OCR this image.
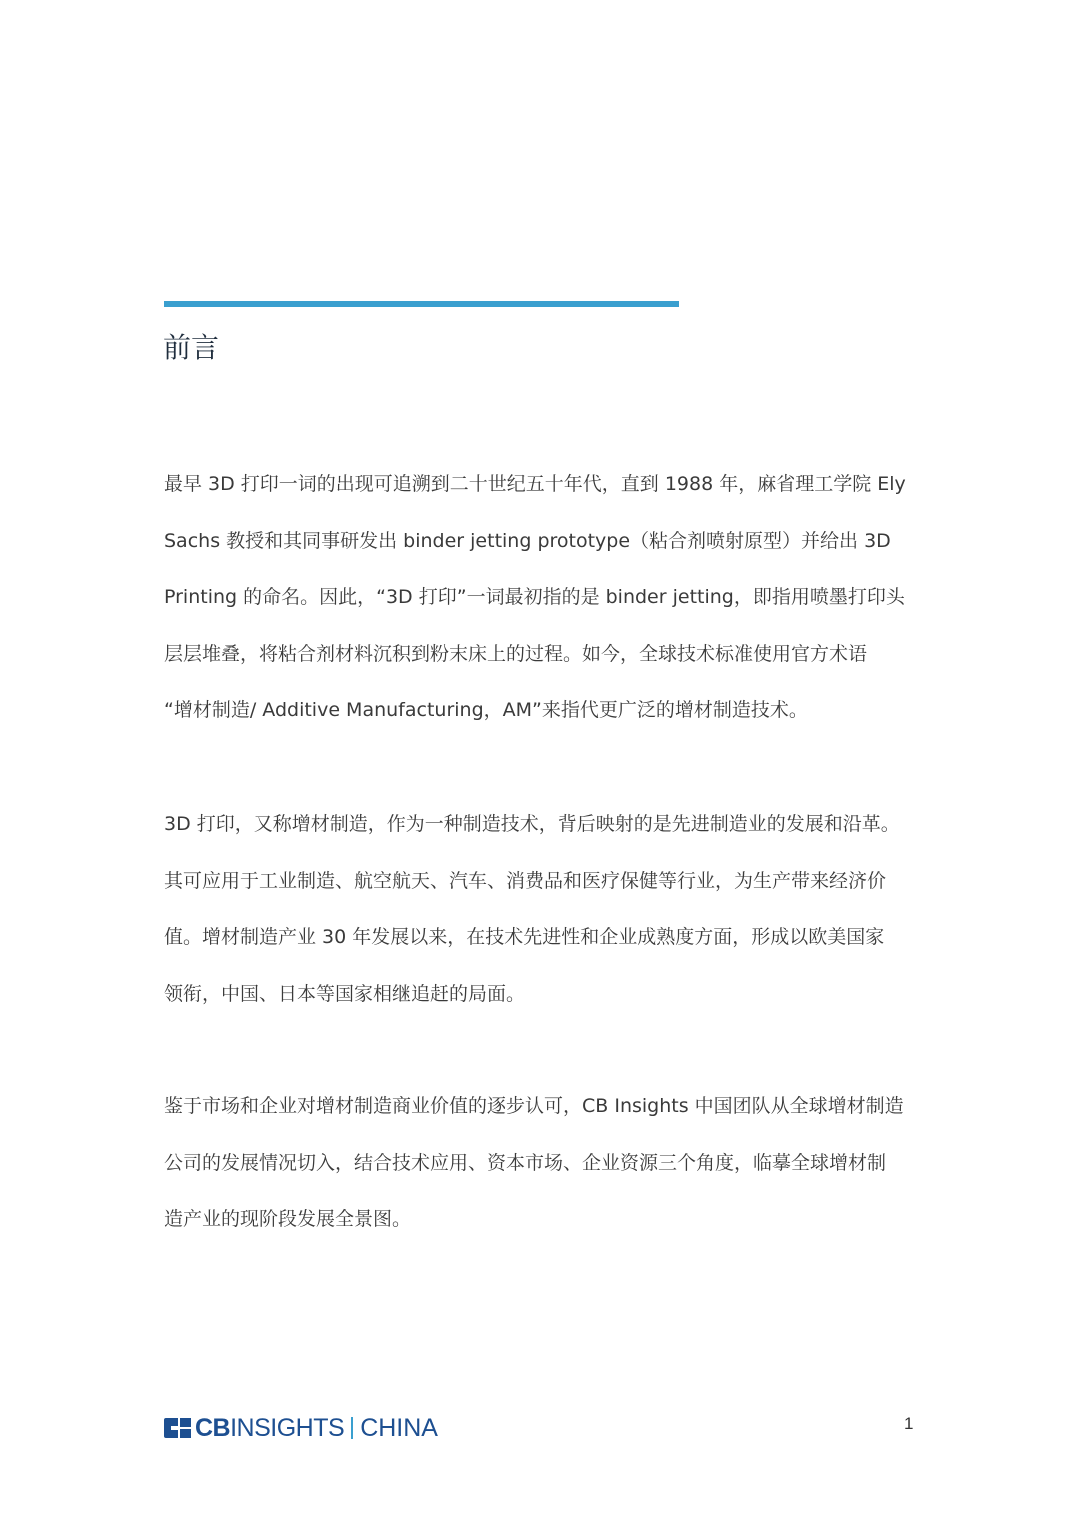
前言
最早 3D 打印一词的出现可追溯到二十世纪五十年代，直到 1988 年，麻省理工学院 Ely
Sachs 教授和其同事研发出 binder jetting prototype（粘合剂喷射原型）并给出 3D
Printing 的命名。因此，“3D 打印”一词最初指的是 binder jetting，即指用喷墨打印头
层层堆叠，将粘合剂材料沉积到粉末床上的过程。如今，全球技术标准使用官方术语
“增材制造/ Additive Manufacturing，AM”来指代更广泛的增材制造技术。
3D 打印，又称增材制造，作为一种制造技术，背后映射的是先进制造业的发展和沿革。
其可应用于工业制造、航空航天、汽车、消费品和医疗保健等行业，为生产带来经济价
值。增材制造产业 30 年发展以来，在技术先进性和企业成熟度方面，形成以欧美国家
领衔，中国、日本等国家相继追赶的局面。
鉴于市场和企业对增材制造商业价值的逐步认可，CB Insights 中国团队从全球增材制造
公司的发展情况切入，结合技术应用、资本市场、企业资源三个角度，临摹全球增材制
造产业的现阶段发展全景图。
CBINSIGHTS CHINA	1
